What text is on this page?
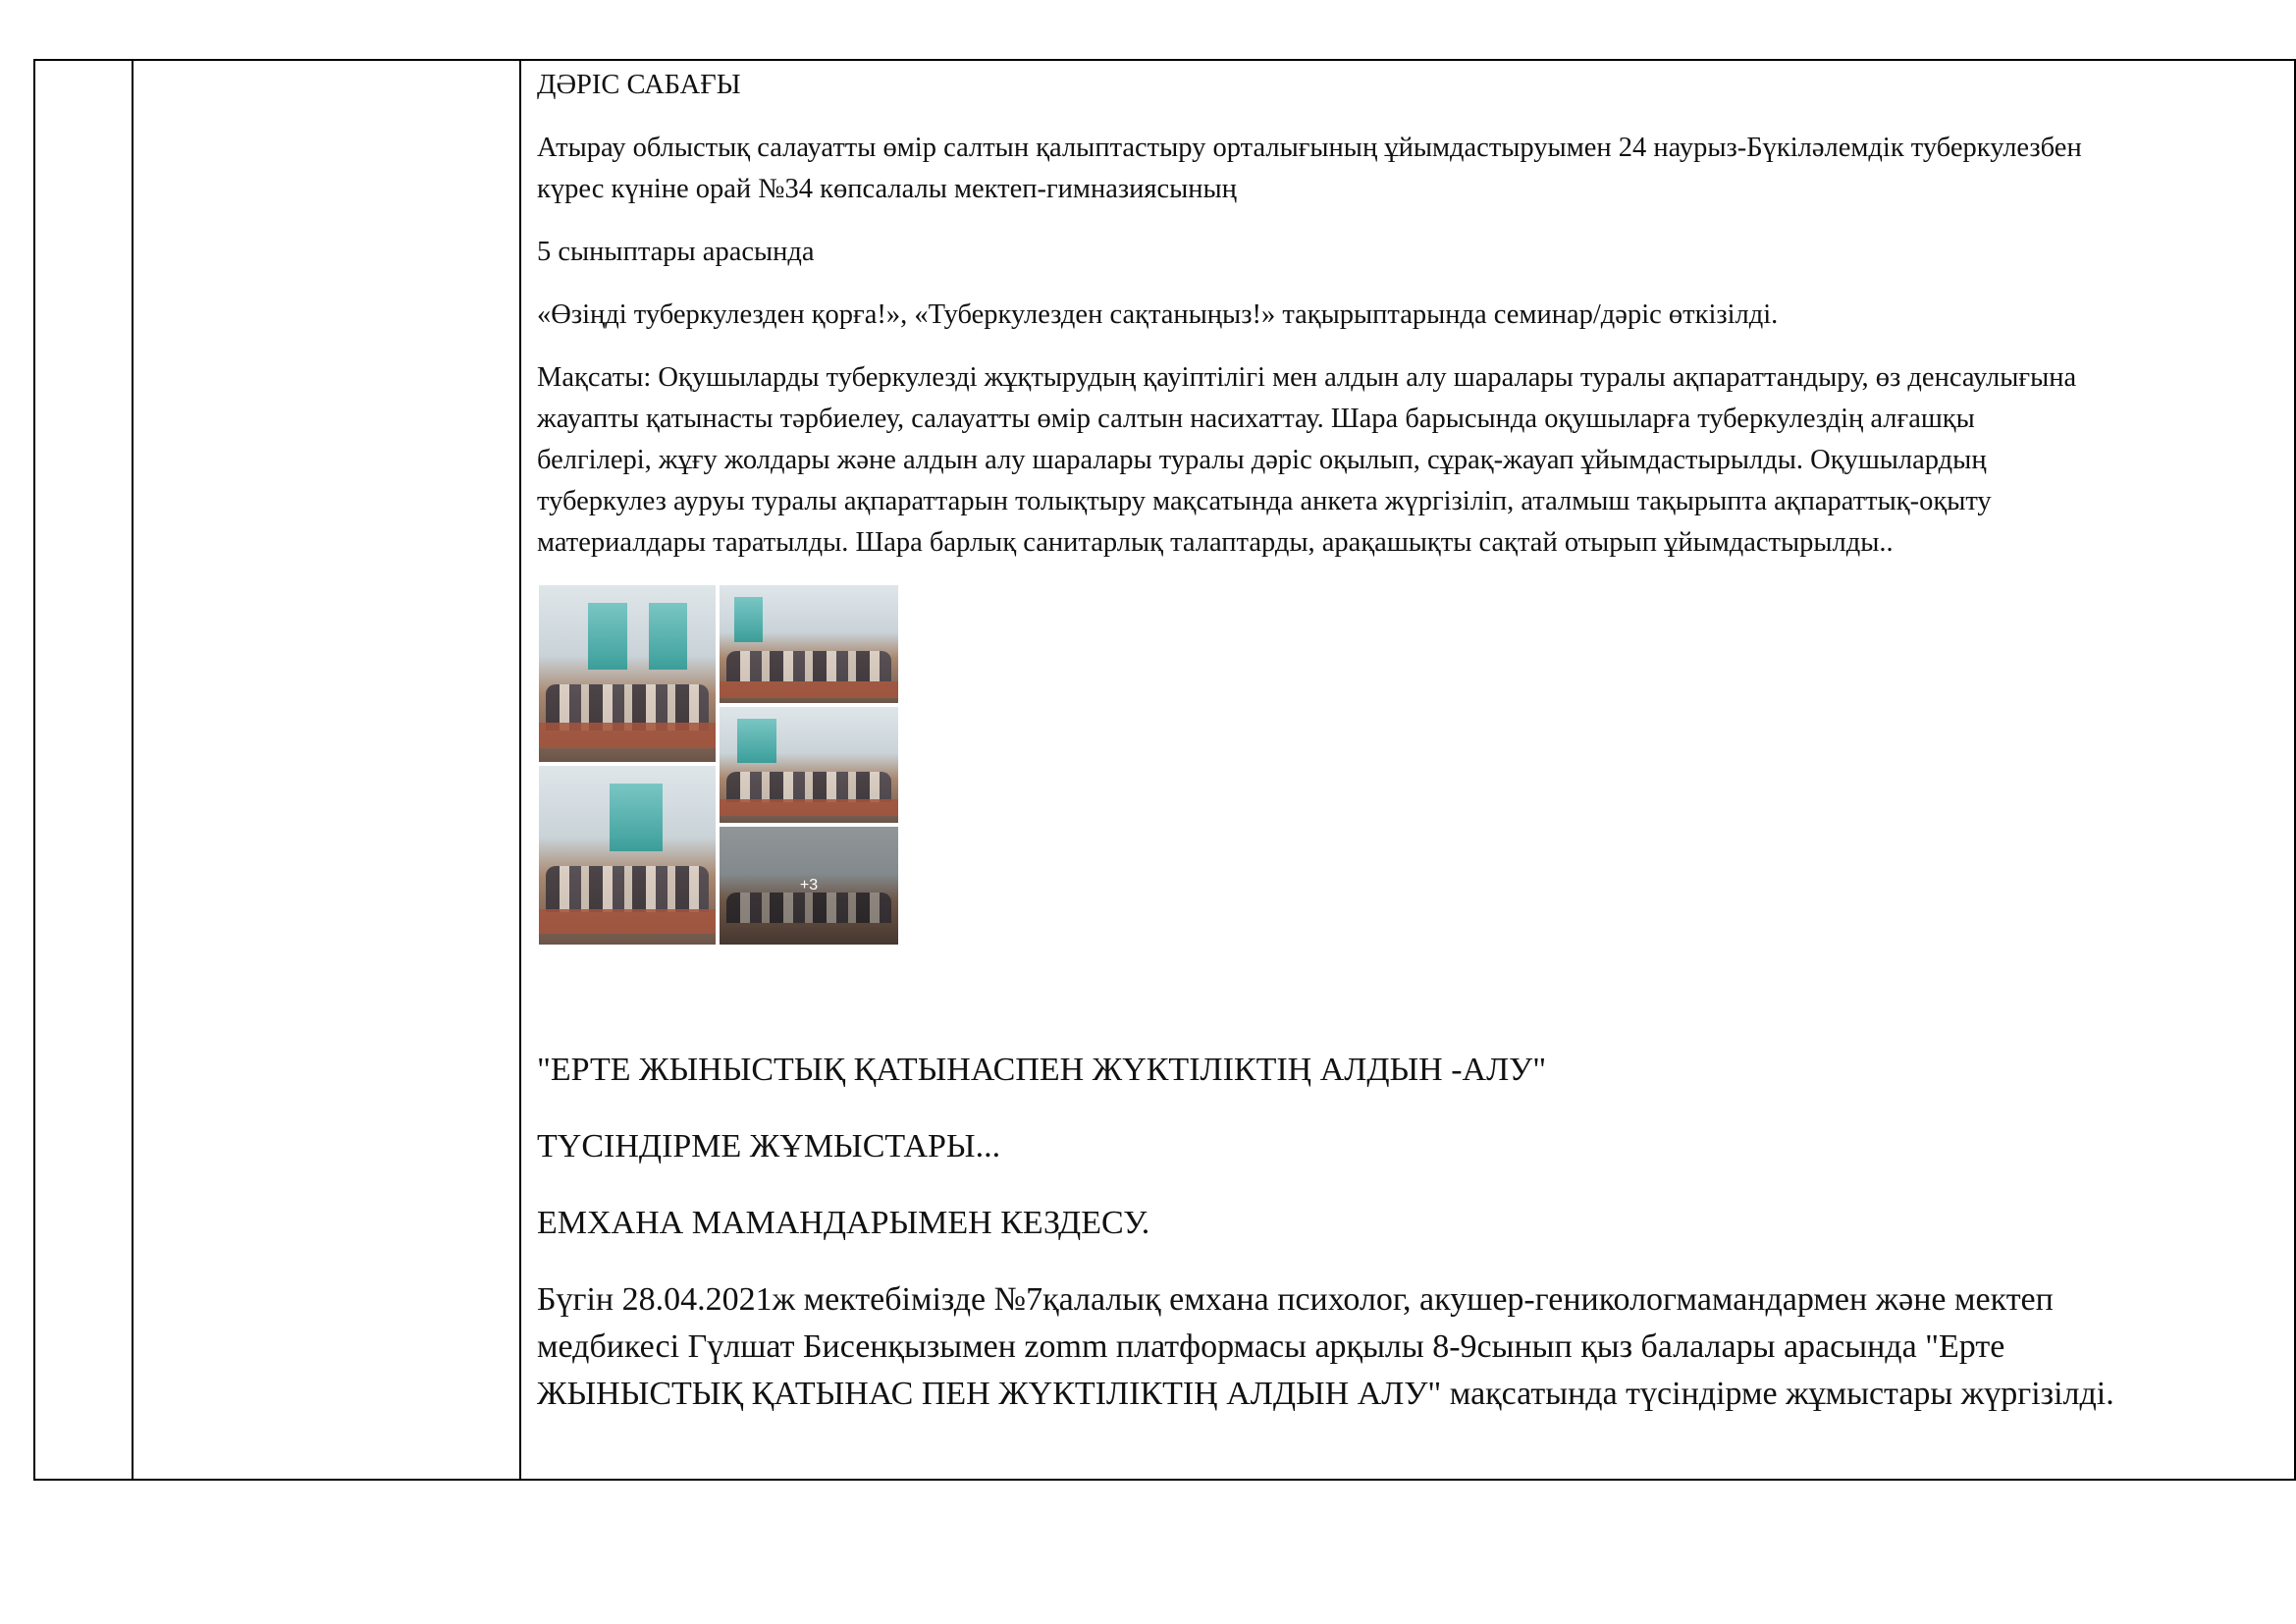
ДӘРІС САБАҒЫ

Атырау облыстық салауатты өмір салтын қалыптастыру орталығының ұйымдастыруымен 24 наурыз-Бүкіләлемдік туберкулезбен
күрес күніне орай №34 көпсалалы мектеп-гимназиясының

5 сыныптары арасында

«Өзіңді туберкулезден қорға!», «Туберкулезден сақтаныңыз!» тақырыптарында семинар/дәріс өткізілді.

Мақсаты: Оқушыларды туберкулезді жұқтырудың қауіптілігі мен алдын алу шаралары туралы ақпараттандыру, өз денсаулығына
жауапты қатынасты тәрбиелеу, салауатты өмір салтын насихаттау. Шара барысында оқушыларға туберкулездің алғашқы
белгілері, жұғу жолдары және алдын алу шаралары туралы дәріс оқылып, сұрақ-жауап ұйымдастырылды. Оқушылардың
туберкулез ауруы туралы ақпараттарын толықтыру мақсатында анкета жүргізіліп, аталмыш тақырыпта ақпараттық-оқыту
материалдары таратылды. Шара барлық санитарлық талаптарды, арақашықты сақтай отырып ұйымдастырылды..

+3

"ЕРТЕ ЖЫНЫСТЫҚ ҚАТЫНАСПЕН ЖҮКТІЛІКТІҢ АЛДЫН -АЛУ"

ТҮСІНДІРМЕ ЖҰМЫСТАРЫ...

ЕМХАНА МАМАНДАРЫМЕН КЕЗДЕСУ.

Бүгін 28.04.2021ж мектебімізде №7қалалық емхана психолог, акушер-геникологмамандармен және мектеп
медбикесі Гүлшат Бисенқызымен zomm платформасы арқылы 8-9сынып қыз балалары арасында "Ерте
ЖЫНЫСТЫҚ ҚАТЫНАС ПЕН ЖҮКТІЛІКТІҢ АЛДЫН АЛУ" мақсатында түсіндірме жұмыстары жүргізілді.
